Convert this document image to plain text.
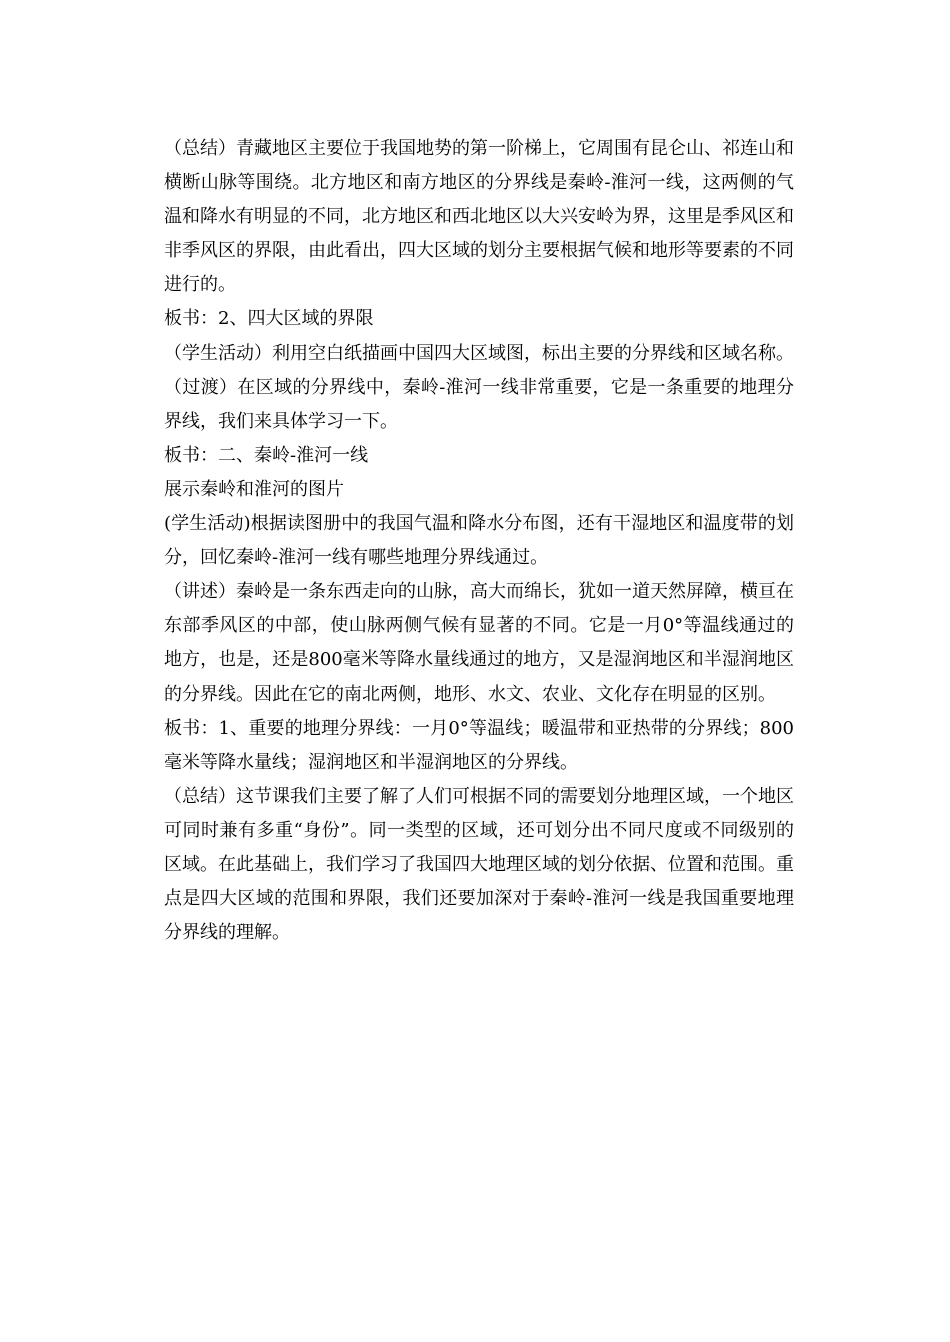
（总结）青藏地区主要位于我国地势的第一阶梯上，它周围有昆仑山、祁连山和横断山脉等围绕。北方地区和南方地区的分界线是秦岭-淮河一线，这两侧的气温和降水有明显的不同，北方地区和西北地区以大兴安岭为界，这里是季风区和非季风区的界限，由此看出，四大区域的划分主要根据气候和地形等要素的不同进行的。

板书：2、四大区域的界限

（学生活动）利用空白纸描画中国四大区域图，标出主要的分界线和区域名称。

（过渡）在区域的分界线中，秦岭-淮河一线非常重要，它是一条重要的地理分界线，我们来具体学习一下。

板书：二、秦岭-淮河一线

展示秦岭和淮河的图片

(学生活动)根据读图册中的我国气温和降水分布图，还有干湿地区和温度带的划分，回忆秦岭-淮河一线有哪些地理分界线通过。

（讲述）秦岭是一条东西走向的山脉，高大而绵长，犹如一道天然屏障，横亘在东部季风区的中部，使山脉两侧气候有显著的不同。它是一月0°等温线通过的地方，也是，还是800毫米等降水量线通过的地方，又是湿润地区和半湿润地区的分界线。因此在它的南北两侧，地形、水文、农业、文化存在明显的区别。

板书：1、重要的地理分界线：一月0°等温线；暖温带和亚热带的分界线；800毫米等降水量线；湿润地区和半湿润地区的分界线。

（总结）这节课我们主要了解了人们可根据不同的需要划分地理区域，一个地区可同时兼有多重“身份”。同一类型的区域，还可划分出不同尺度或不同级别的区域。在此基础上，我们学习了我国四大地理区域的划分依据、位置和范围。重点是四大区域的范围和界限，我们还要加深对于秦岭-淮河一线是我国重要地理分界线的理解。
